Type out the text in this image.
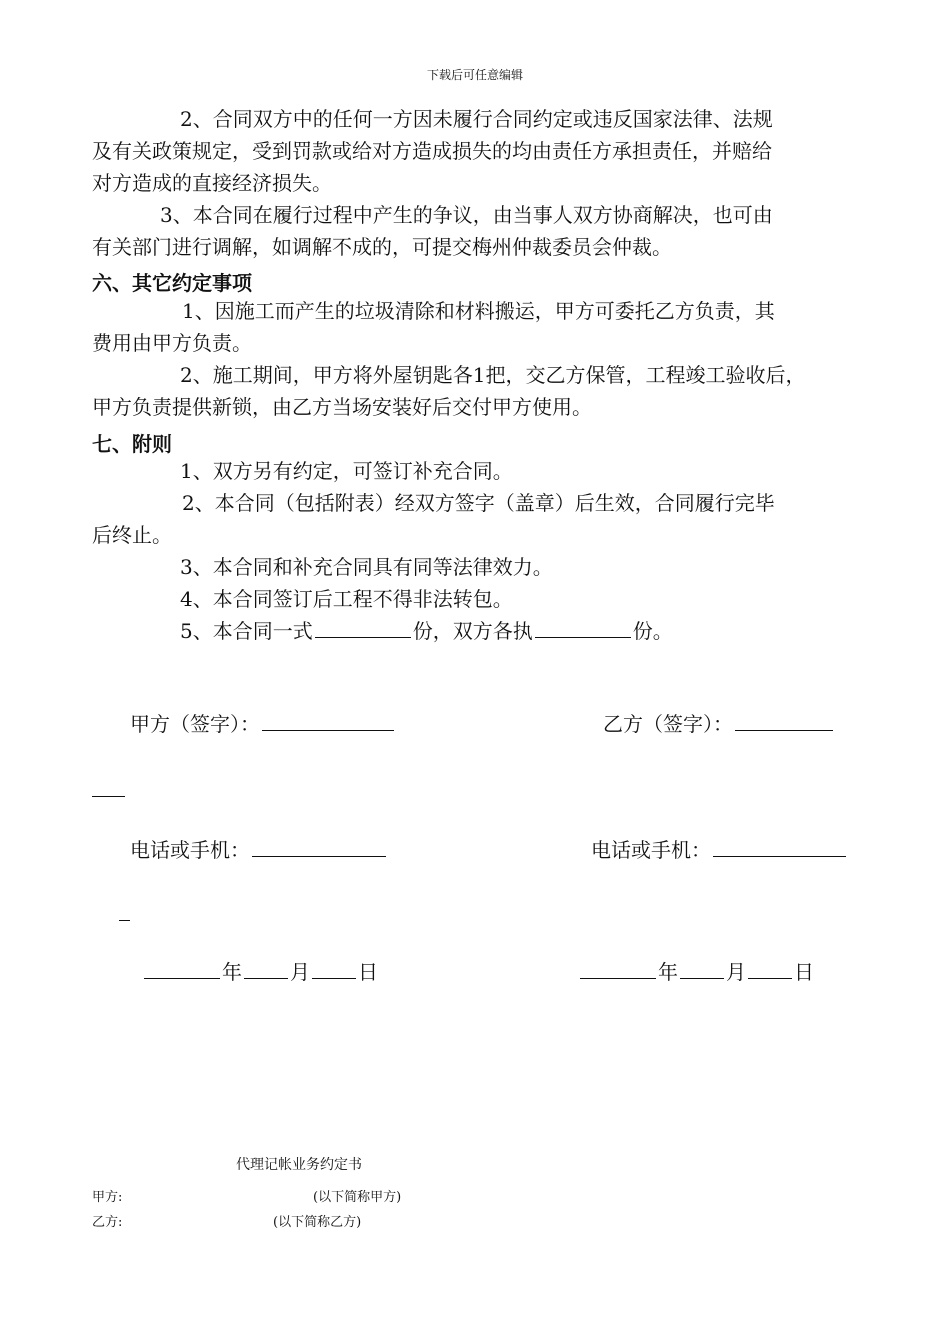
下载后可任意编辑
2、合同双方中的任何一方因未履行合同约定或违反国家法律、法规
及有关政策规定，受到罚款或给对方造成损失的均由责任方承担责任，并赔给
对方造成的直接经济损失。
3、本合同在履行过程中产生的争议，由当事人双方协商解决，也可由
有关部门进行调解，如调解不成的，可提交梅州仲裁委员会仲裁。
六、其它约定事项
1、因施工而产生的垃圾清除和材料搬运，甲方可委托乙方负责，其
费用由甲方负责。
2、施工期间，甲方将外屋钥匙各1把，交乙方保管，工程竣工验收后，
甲方负责提供新锁，由乙方当场安装好后交付甲方使用。
七、附则
1、双方另有约定，可签订补充合同。
2、本合同（包括附表）经双方签字（盖章）后生效，合同履行完毕
后终止。
3、本合同和补充合同具有同等法律效力。
4、本合同签订后工程不得非法转包。
5、本合同一式	份，双方各执	份。
甲方（签字）：	乙方（签字）：
电话或手机：	电话或手机：
年 月 日	年 月 日
代理记帐业务约定书
甲方:	(以下简称甲方)
乙方:	(以下简称乙方)
